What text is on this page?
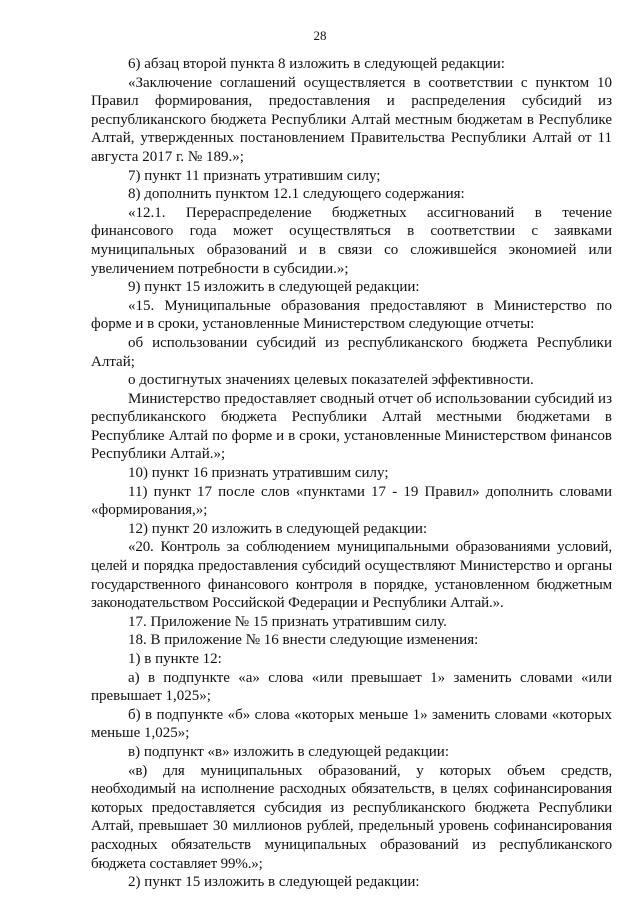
28

6) абзац второй пункта 8 изложить в следующей редакции:

«Заключение соглашений осуществляется в соответствии с пунктом 10 Правил формирования, предоставления и распределения субсидий из республиканского бюджета Республики Алтай местным бюджетам в Республике Алтай, утвержденных постановлением Правительства Республики Алтай от 11 августа 2017 г. № 189.»;

7) пункт 11 признать утратившим силу;

8) дополнить пунктом 12.1 следующего содержания:

«12.1. Перераспределение бюджетных ассигнований в течение финансового года может осуществляться в соответствии с заявками муниципальных образований и в связи со сложившейся экономией или увеличением потребности в субсидии.»;

9) пункт 15 изложить в следующей редакции:

«15. Муниципальные образования предоставляют в Министерство по форме и в сроки, установленные Министерством следующие отчеты:

об использовании субсидий из республиканского бюджета Республики Алтай;

о достигнутых значениях целевых показателей эффективности.

Министерство предоставляет сводный отчет об использовании субсидий из республиканского бюджета Республики Алтай местными бюджетами в Республике Алтай по форме и в сроки, установленные Министерством финансов Республики Алтай.»;

10) пункт 16 признать утратившим силу;

11) пункт 17 после слов «пунктами 17 - 19 Правил» дополнить словами «формирования,»;

12) пункт 20 изложить в следующей редакции:

«20. Контроль за соблюдением муниципальными образованиями условий, целей и порядка предоставления субсидий осуществляют Министерство и органы государственного финансового контроля в порядке, установленном бюджетным законодательством Российской Федерации и Республики Алтай.».

17. Приложение № 15 признать утратившим силу.

18. В приложение № 16 внести следующие изменения:

1) в пункте 12:

а) в подпункте «а» слова «или превышает 1» заменить словами «или превышает 1,025»;

б) в подпункте «б» слова «которых меньше 1» заменить словами «которых меньше 1,025»;

в) подпункт «в» изложить в следующей редакции:

«в) для муниципальных образований, у которых объем средств, необходимый на исполнение расходных обязательств, в целях софинансирования которых предоставляется субсидия из республиканского бюджета Республики Алтай, превышает 30 миллионов рублей, предельный уровень софинансирования расходных обязательств муниципальных образований из республиканского бюджета составляет 99%.»;

2) пункт 15 изложить в следующей редакции:
